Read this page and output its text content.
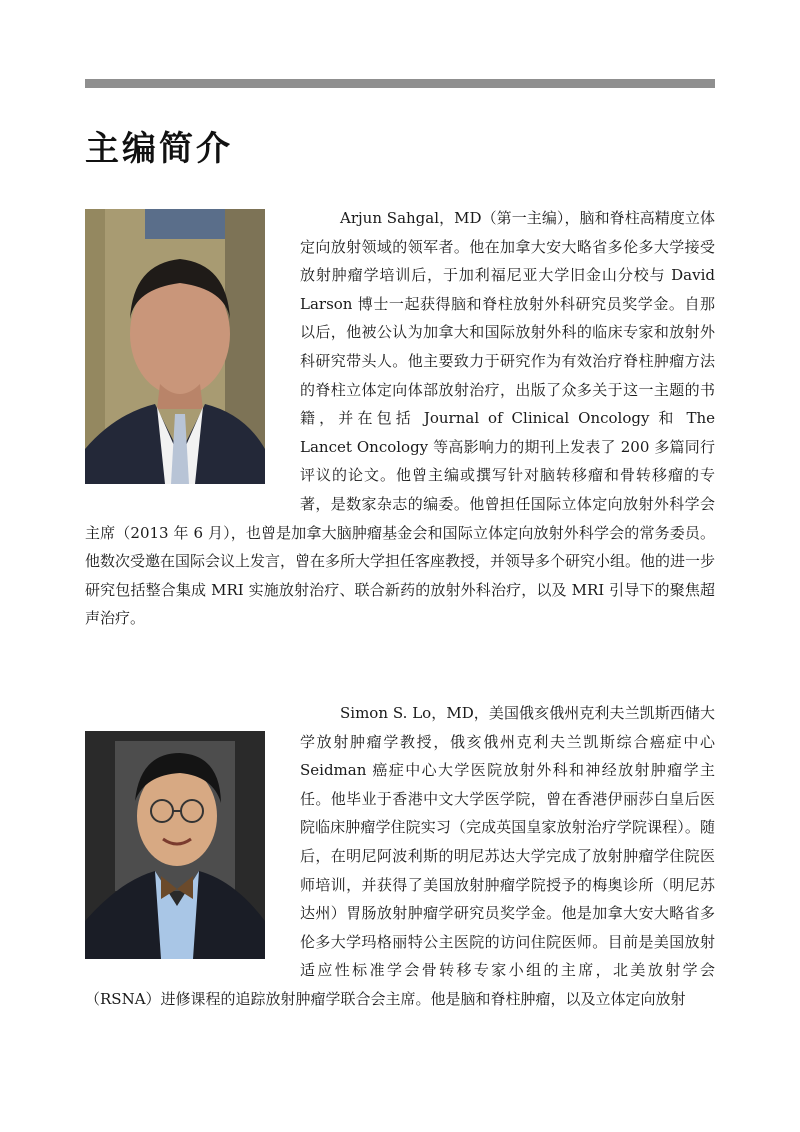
主编简介

Arjun Sahgal，MD（第一主编），脑和脊柱高精度立体定向放射领域的领军者。他在加拿大安大略省多伦多大学接受放射肿瘤学培训后，于加利福尼亚大学旧金山分校与 David Larson 博士一起获得脑和脊柱放射外科研究员奖学金。自那以后，他被公认为加拿大和国际放射外科的临床专家和放射外科研究带头人。他主要致力于研究作为有效治疗脊柱肿瘤方法的脊柱立体定向体部放射治疗，出版了众多关于这一主题的书籍，并在包括 Journal of Clinical Oncology 和 The Lancet Oncology 等高影响力的期刊上发表了 200 多篇同行评议的论文。他曾主编或撰写针对脑转移瘤和骨转移瘤的专著，是数家杂志的编委。他曾担任国际立体定向放射外科学会主席（2013 年 6 月），也曾是加拿大脑肿瘤基金会和国际立体定向放射外科学会的常务委员。他数次受邀在国际会议上发言，曾在多所大学担任客座教授，并领导多个研究小组。他的进一步研究包括整合集成 MRI 实施放射治疗、联合新药的放射外科治疗，以及 MRI 引导下的聚焦超声治疗。

Simon S. Lo，MD，美国俄亥俄州克利夫兰凯斯西储大学放射肿瘤学教授，俄亥俄州克利夫兰凯斯综合癌症中心 Seidman 癌症中心大学医院放射外科和神经放射肿瘤学主任。他毕业于香港中文大学医学院，曾在香港伊丽莎白皇后医院临床肿瘤学住院实习（完成英国皇家放射治疗学院课程）。随后，在明尼阿波利斯的明尼苏达大学完成了放射肿瘤学住院医师培训，并获得了美国放射肿瘤学院授予的梅奥诊所（明尼苏达州）胃肠放射肿瘤学研究员奖学金。他是加拿大安大略省多伦多大学玛格丽特公主医院的访问住院医师。目前是美国放射适应性标准学会骨转移专家小组的主席，北美放射学会（RSNA）进修课程的追踪放射肿瘤学联合会主席。他是脑和脊柱肿瘤，以及立体定向放射
